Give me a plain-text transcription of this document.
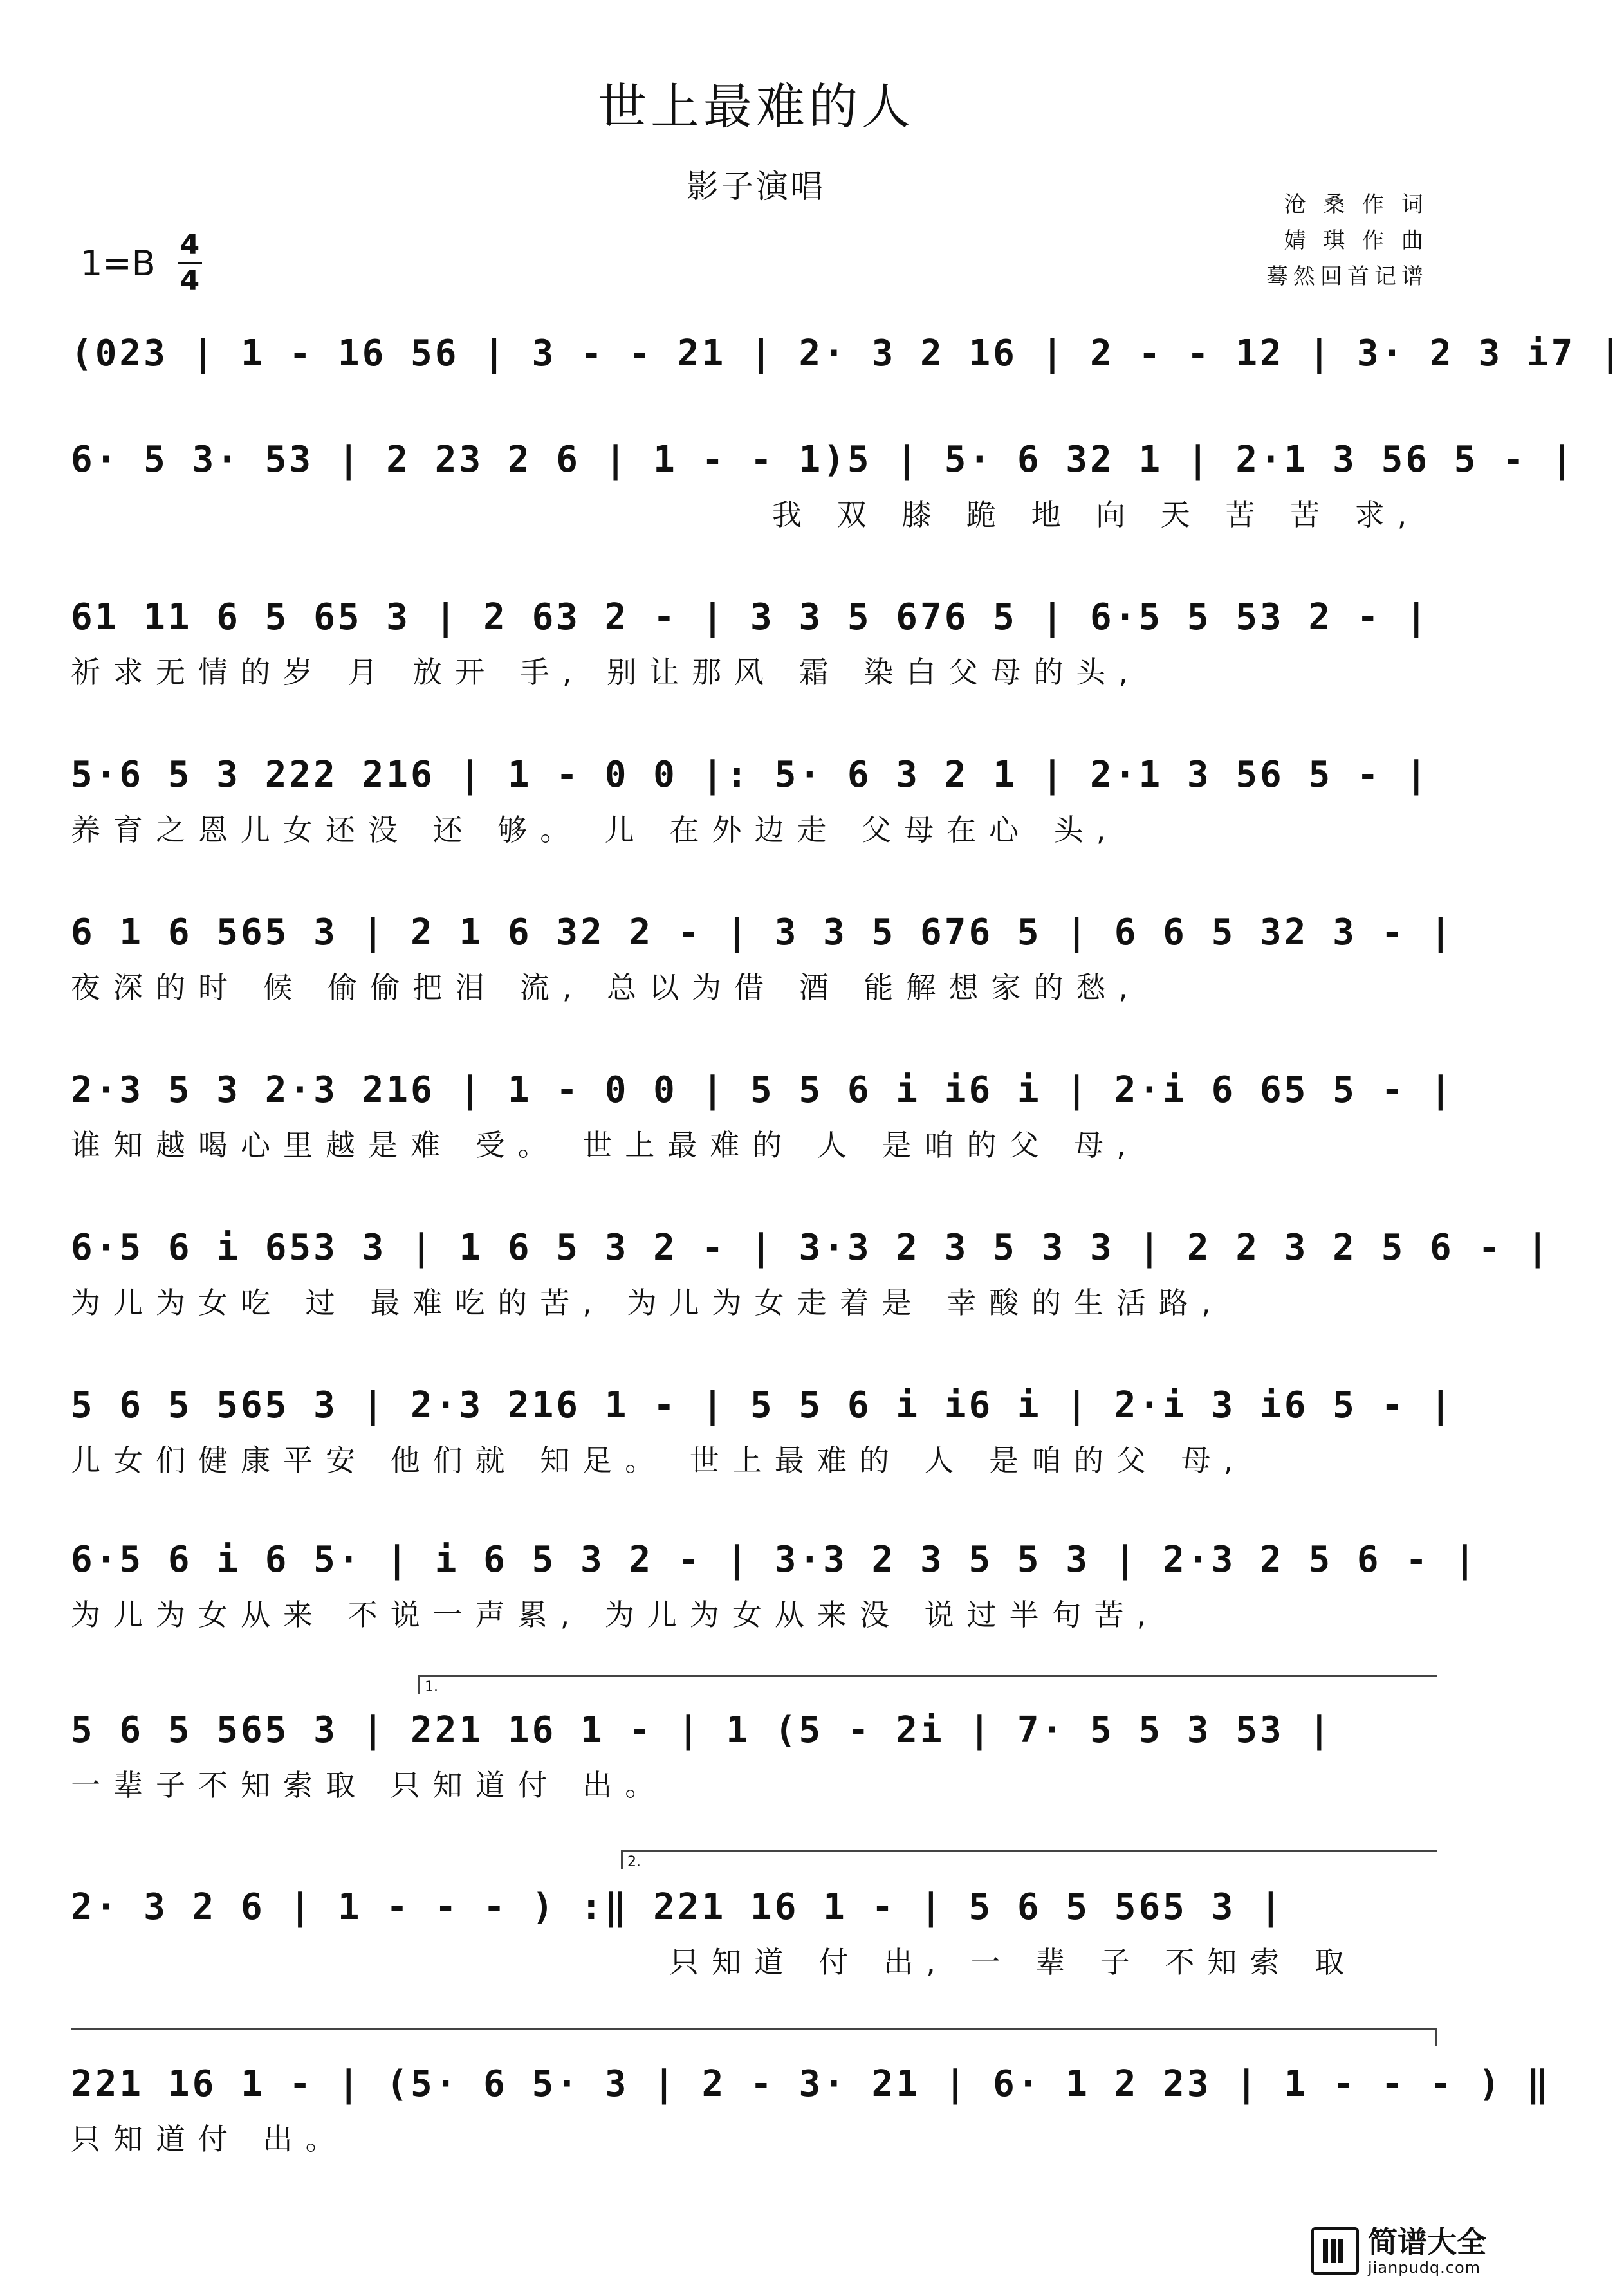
世上最难的人
影子演唱	沧 桑 作 词
婧 琪 作 曲
蓦然回首记谱
$1=B \frac{4}{4}$
(023 | 1 - 16 56 | 3 - - 21 | 2· 3 2 16 | 2 - - 12 | 3· 2 3 i7 |
6· 5 3· 53 | 2 23 2 6 | 1 - - 1)5 | 5· 6 32 1 | 2·1 3 56 5 - |
我 双 膝 跪 地 向 天 苦 苦 求,
61 11 6 5 65 3 | 2 63 2 - | 3 3 5 676 5 | 6·5 5 53 2 - |
祈求无情的岁 月 放开 手, 别让那风 霜 染白父母的头,
5·6 5 3 222 216 | 1 - 0 0 |: 5· 6 3 2 1 | 2·1 3 56 5 - |
养育之恩儿女还没 还 够。 儿 在外边走 父母在心 头,
6 1 6 565 3 | 2 1 6 32 2 - | 3 3 5 676 5 | 6 6 5 32 3 - |
夜深的时 候 偷偷把泪 流, 总以为借 酒 能解想家的愁,
2·3 5 3 2·3 216 | 1 - 0 0 | 5 5 6 i i6 i | 2·i 6 65 5 - |
谁知越喝心里越是难 受。 世上最难的 人 是咱的父 母,
6·5 6 i 653 3 | 1 6 5 3 2 - | 3·3 2 3 5 3 3 | 2 2 3 2 5 6 - |
为儿为女吃 过 最难吃的苦, 为儿为女走着是 幸酸的生活路,
5 6 5 565 3 | 2·3 216 1 - | 5 5 6 i i6 i | 2·i 3 i6 5 - |
儿女们健康平安 他们就 知足。 世上最难的 人 是咱的父 母,
6·5 6 i 6 5· | i 6 5 3 2 - | 3·3 2 3 5 5 3 | 2·3 2 5 6 - |
为儿为女从来 不说一声累, 为儿为女从来没 说过半句苦,
1.
5 6 5 565 3 | 221 16 1 - | 1 (5 - 2i | 7· 5 5 3 53 |
一辈子不知索取 只知道付 出。
2.
2· 3 2 6 | 1 - - - ) :‖ 221 16 1 - | 5 6 5 565 3 |
只知道 付 出, 一 辈 子 不知索 取
221 16 1 - | (5· 6 5· 3 | 2 - 3· 21 | 6· 1 2 23 | 1 - - - ) ‖
只知道付 出。
简谱大全
jianpudq.com
